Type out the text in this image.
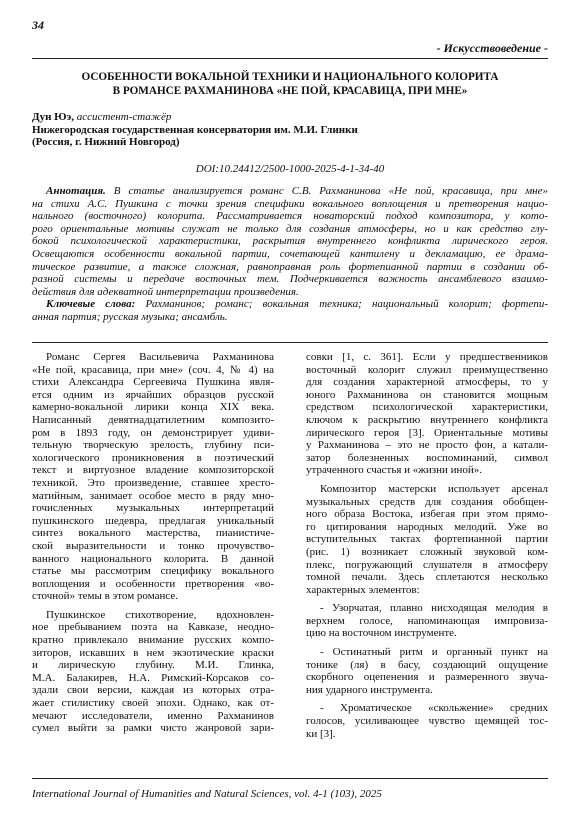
34
- Искусствоведение -
ОСОБЕННОСТИ ВОКАЛЬНОЙ ТЕХНИКИ И НАЦИОНАЛЬНОГО КОЛОРИТА
В РОМАНСЕ РАХМАНИНОВА «НЕ ПОЙ, КРАСАВИЦА, ПРИ МНЕ»
Дун Юэ, ассистент-стажёр
Нижегородская государственная консерватория им. М.И. Глинки
(Россия, г. Нижний Новгород)
DOI:10.24412/2500-1000-2025-4-1-34-40
Аннотация. В статье анализируется романс С.В. Рахманинова «Не пой, красавица, при мне»
на стихи А.С. Пушкина с точки зрения специфики вокального воплощения и претворения нацио-
нального (восточного) колорита. Рассматривается новаторский подход композитора, у кото-
рого ориентальные мотивы служат не только для создания атмосферы, но и как средство глу-
бокой психологической характеристики, раскрытия внутреннего конфликта лирического героя.
Освещаются особенности вокальной партии, сочетающей кантилену и декламацию, ее драма-
тическое развитие, а также сложная, равноправная роль фортепианной партии в создании об-
разной системы и передаче восточных тем. Подчеркивается важность ансамблевого взаимо-
действия для адекватной интерпретации произведения.
Ключевые слова: Рахманинов; романс; вокальная техника; национальный колорит; фортепи-
анная партия; русская музыка; ансамбль.
Романс Сергея Васильевича Рахманинова
«Не пой, красавица, при мне» (соч. 4, № 4) на
стихи Александра Сергеевича Пушкина явля-
ется одним из ярчайших образцов русской
камерно-вокальной лирики конца XIX века.
Написанный девятнадцатилетним композито-
ром в 1893 году, он демонстрирует удиви-
тельную творческую зрелость, глубину пси-
хологического проникновения в поэтический
текст и виртуозное владение композиторской
техникой. Это произведение, ставшее хресто-
матийным, занимает особое место в ряду мно-
гочисленных музыкальных интерпретаций
пушкинского шедевра, предлагая уникальный
синтез вокального мастерства, пианистиче-
ской выразительности и тонко прочувство-
ванного национального колорита. В данной
статье мы рассмотрим специфику вокального
воплощения и особенности претворения «во-
сточной» темы в этом романсе.
Пушкинское стихотворение, вдохновлен-
ное пребыванием поэта на Кавказе, неодно-
кратно привлекало внимание русских компо-
зиторов, искавших в нем экзотические краски
и лирическую глубину. М.И. Глинка,
М.А. Балакирев, Н.А. Римский-Корсаков со-
здали свои версии, каждая из которых отра-
жает стилистику своей эпохи. Однако, как от-
мечают исследователи, именно Рахманинов
сумел выйти за рамки чисто жанровой зари-
совки [1, с. 361]. Если у предшественников
восточный колорит служил преимущественно
для создания характерной атмосферы, то у
юного Рахманинова он становится мощным
средством психологической характеристики,
ключом к раскрытию внутреннего конфликта
лирического героя [3]. Ориентальные мотивы
у Рахманинова – это не просто фон, а катали-
затор болезненных воспоминаний, символ
утраченного счастья и «жизни иной».
Композитор мастерски использует арсенал
музыкальных средств для создания обобщен-
ного образа Востока, избегая при этом прямо-
го цитирования народных мелодий. Уже во
вступительных тактах фортепианной партии
(рис. 1) возникает сложный звуковой ком-
плекс, погружающий слушателя в атмосферу
томной печали. Здесь сплетаются несколько
характерных элементов:
- Узорчатая, плавно нисходящая мелодия в
верхнем голосе, напоминающая импровиза-
цию на восточном инструменте.
- Остинатный ритм и органный пункт на
тонике (ля) в басу, создающий ощущение
скорбного оцепенения и размеренного звуча-
ния ударного инструмента.
- Хроматическое «скольжение» средних
голосов, усиливающее чувство щемящей тос-
ки [3].
International Journal of Humanities and Natural Sciences, vol. 4-1 (103), 2025
